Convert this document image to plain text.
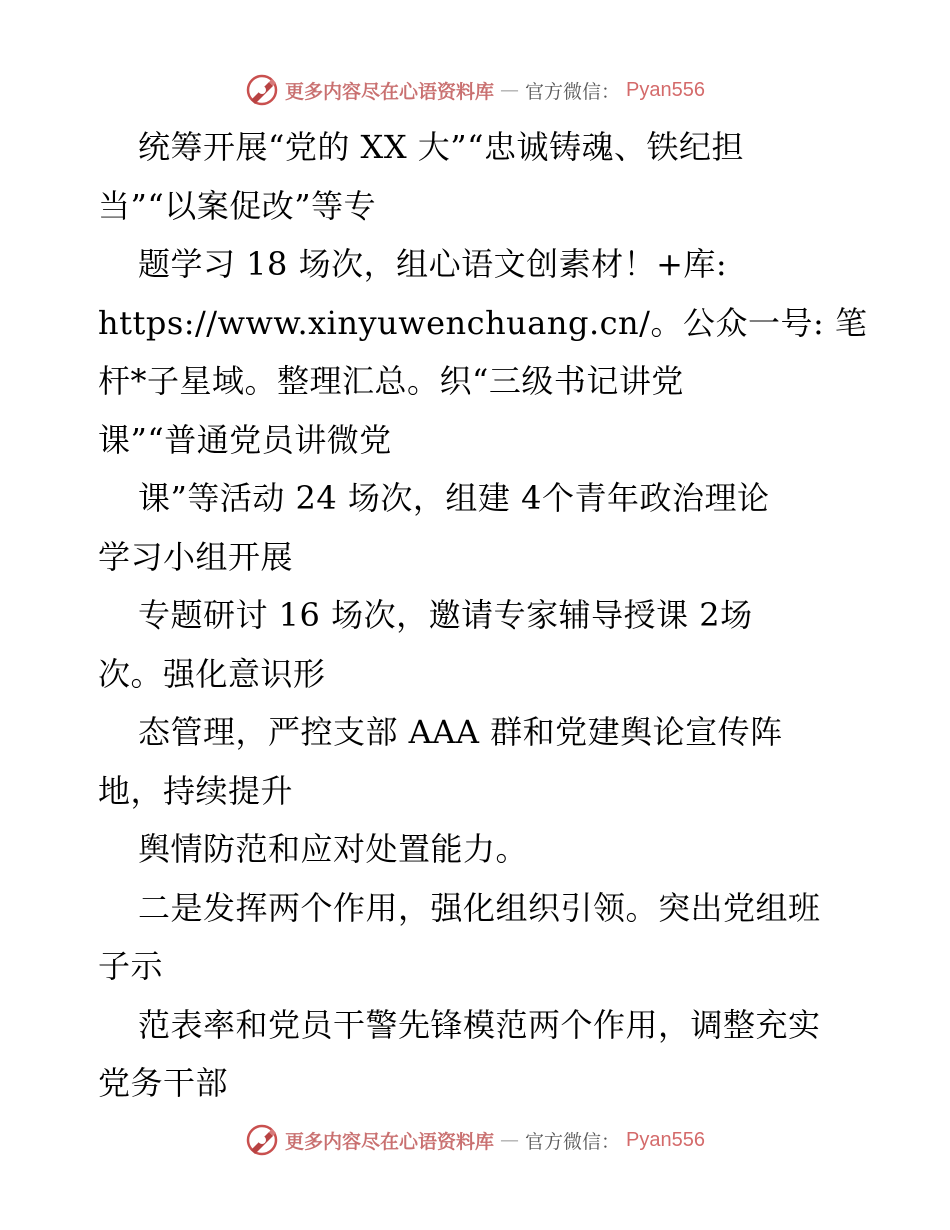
更多内容尽在心语资料库 — 官方微信： Pyan556
统筹开展“党的 XX 大”“忠诚铸魂、铁纪担
当”“以案促改”等专
题学习 18 场次，组心语文创素材！+库:
https://www.xinyuwenchuang.cn/。公众一号: 笔
杆*子星域。整理汇总。织“三级书记讲党
课”“普通党员讲微党
课”等活动 24 场次，组建 4个青年政治理论
学习小组开展
专题研讨 16 场次，邀请专家辅导授课 2场
次。强化意识形
态管理，严控支部 AAA 群和党建舆论宣传阵
地，持续提升
舆情防范和应对处置能力。
二是发挥两个作用，强化组织引领。突出党组班
子示
范表率和党员干警先锋模范两个作用，调整充实
党务干部
更多内容尽在心语资料库 — 官方微信： Pyan556
